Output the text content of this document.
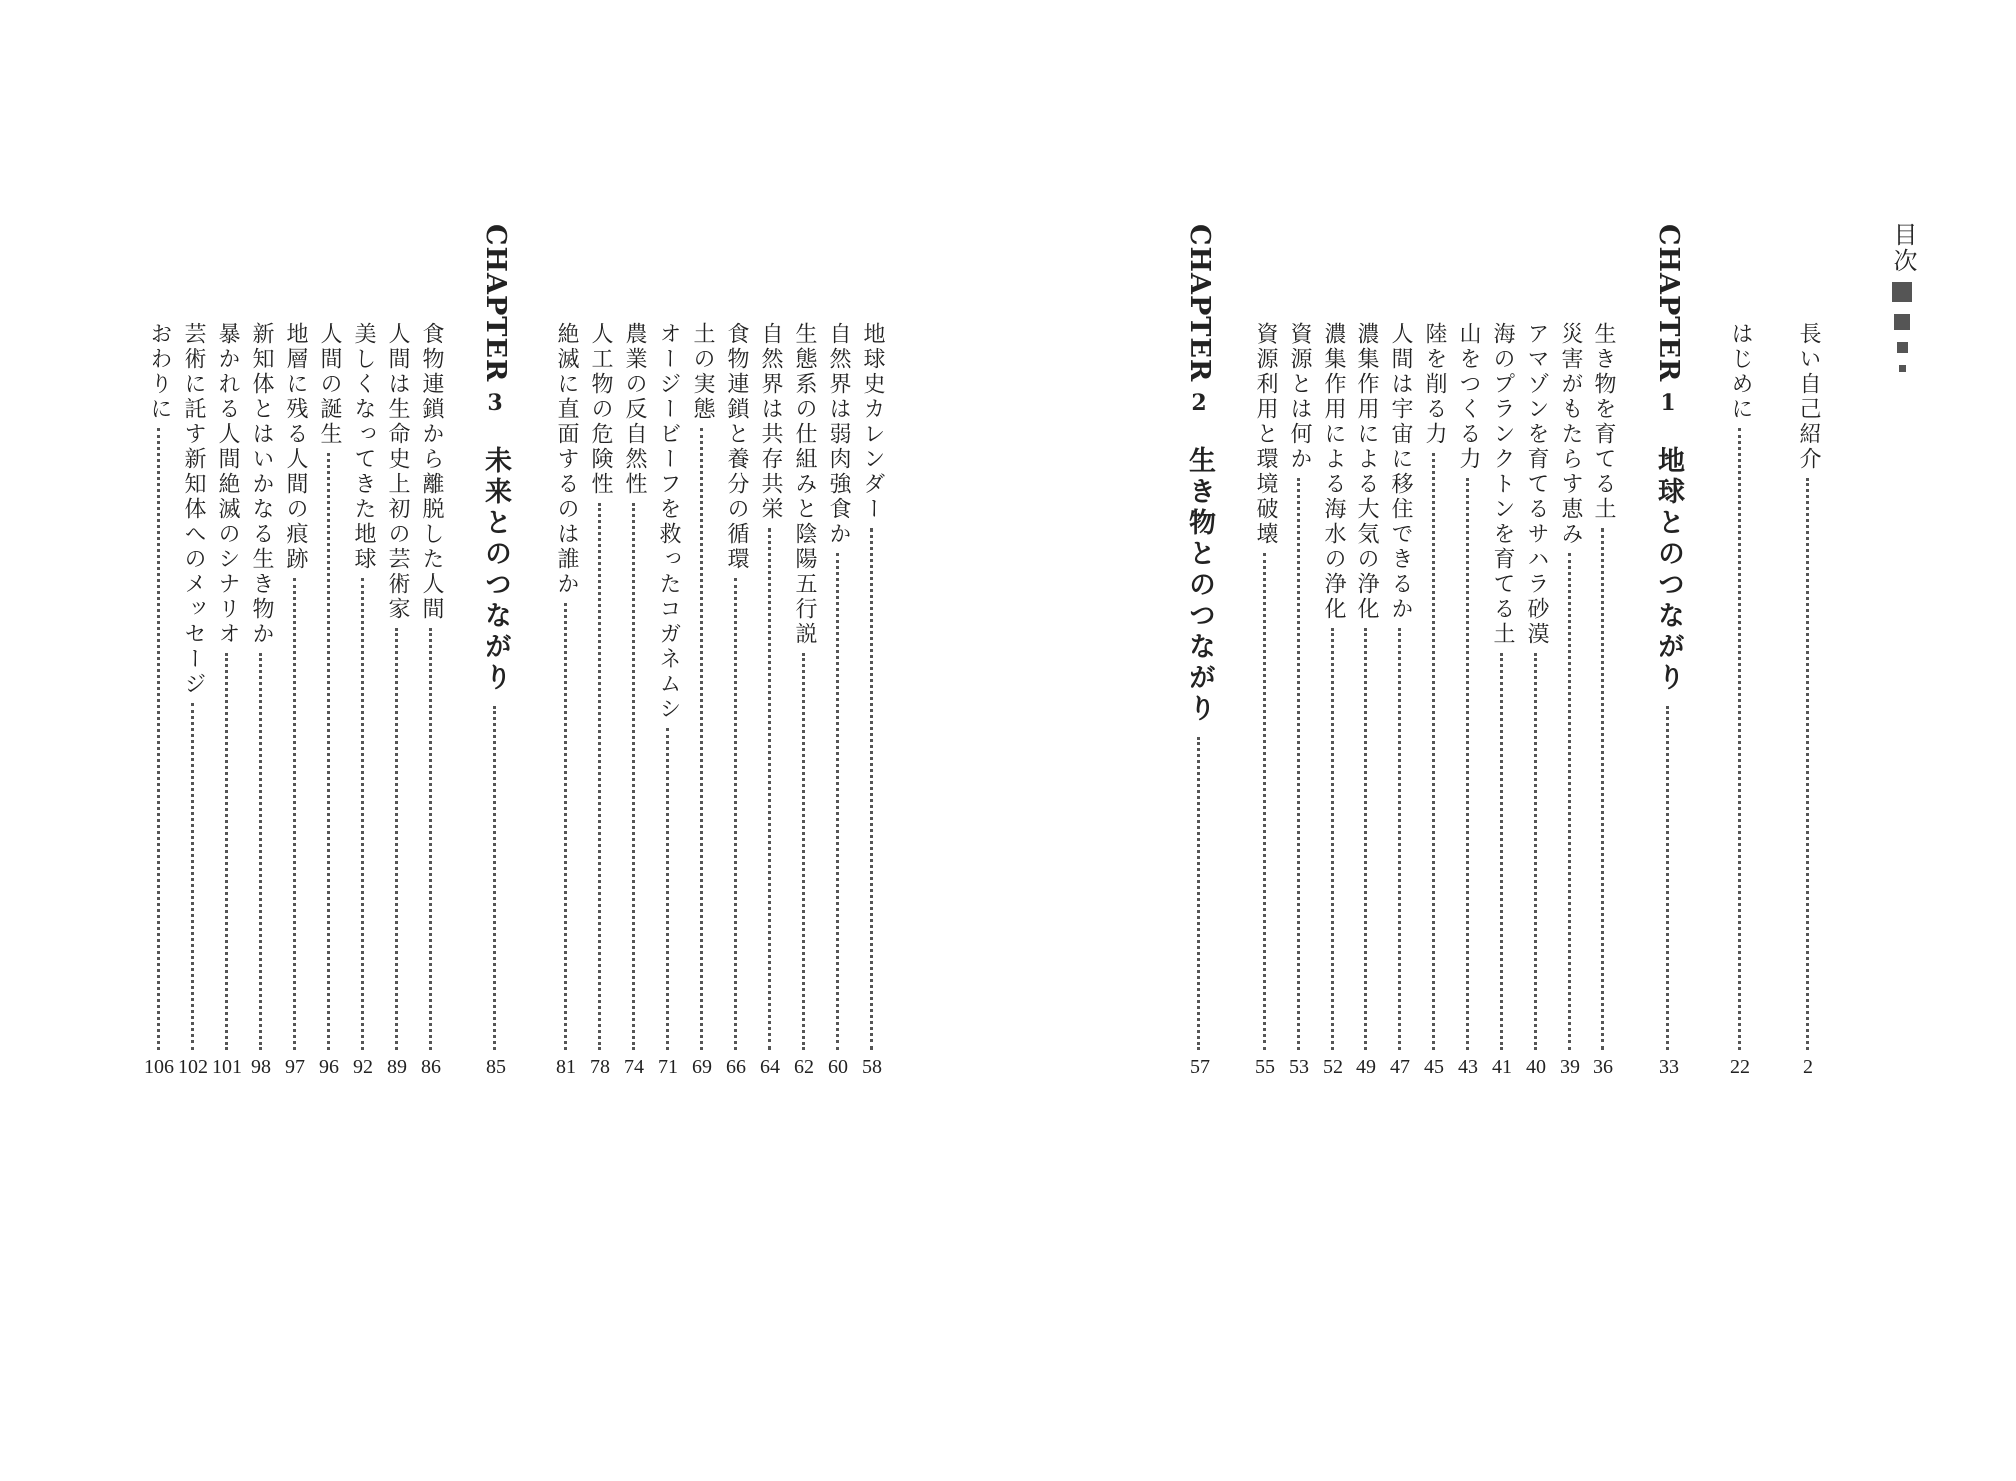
目次
長い自己紹介
2
はじめに
22
CHAPTER1地球とのつながり
33
生き物を育てる土
36
災害がもたらす恵み
39
アマゾンを育てるサハラ砂漠
40
海のプランクトンを育てる土
41
山をつくる力
43
陸を削る力
45
人間は宇宙に移住できるか
47
濃集作用による大気の浄化
49
濃集作用による海水の浄化
52
資源とは何か
53
資源利用と環境破壊
55
CHAPTER2生き物とのつながり
57
地球史カレンダー
58
自然界は弱肉強食か
60
生態系の仕組みと陰陽五行説
62
自然界は共存共栄
64
食物連鎖と養分の循環
66
土の実態
69
オージービーフを救ったコガネムシ
71
農業の反自然性
74
人工物の危険性
78
絶滅に直面するのは誰か
81
CHAPTER3未来とのつながり
85
食物連鎖から離脱した人間
86
人間は生命史上初の芸術家
89
美しくなってきた地球
92
人間の誕生
96
地層に残る人間の痕跡
97
新知体とはいかなる生き物か
98
暴かれる人間絶滅のシナリオ
101
芸術に託す新知体へのメッセージ
102
おわりに
106
